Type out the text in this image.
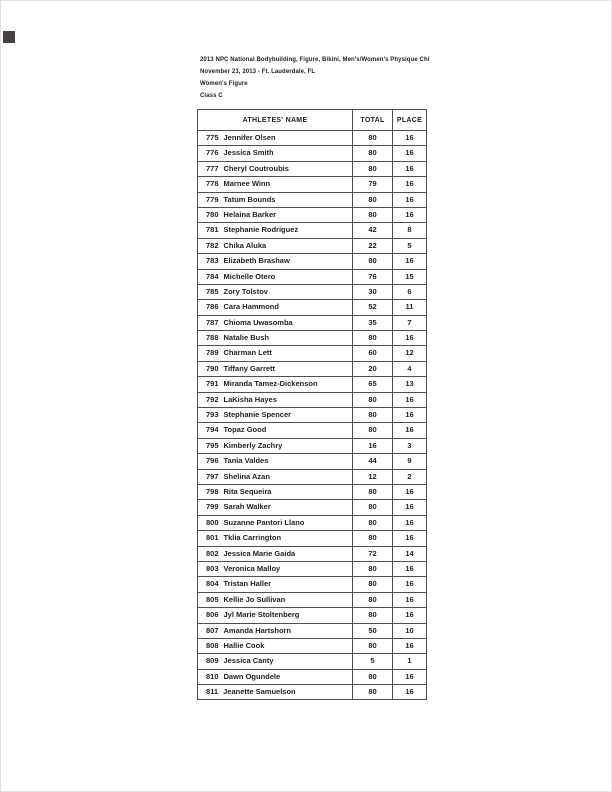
2013 NPC National Bodybuilding, Figure, Bikini, Men's/Women's Physique Chi
November 23, 2013 - Ft. Lauderdale, FL
Women's Figure
Class C
ATHLETES' NAME	TOTAL	PLACE
775 Jennifer Olsen	80	16
776 Jessica Smith	80	16
777 Cheryl Coutroubis	80	16
778 Marnee Winn	79	16
779 Tatum Bounds	80	16
780 Helaina Barker	80	16
781 Stephanie Rodriguez	42	8
782 Chika Aluka	22	5
783 Elizabeth Brashaw	80	16
784 Michelle Otero	76	15
785 Zory Tolstov	30	6
786 Cara Hammond	52	11
787 Chioma Uwasomba	35	7
788 Natalie Bush	80	16
789 Charman Lett	60	12
790 Tiffany Garrett	20	4
791 Miranda Tamez-Dickenson	65	13
792 LaKisha Hayes	80	16
793 Stephanie Spencer	80	16
794 Topaz Good	80	16
795 Kimberly Zachry	16	3
796 Tania Valdes	44	9
797 Shelina Azan	12	2
798 Rita Sequeira	80	16
799 Sarah Walker	80	16
800 Suzanne Pantori Llano	80	16
801 Tklia Carrington	80	16
802 Jessica Marie Gaida	72	14
803 Veronica Malloy	80	16
804 Tristan Haller	80	16
805 Kellie Jo Sullivan	80	16
806 Jyl Marie Stoltenberg	80	16
807 Amanda Hartshorn	50	10
808 Hallie Cook	80	16
809 Jessica Canty	5	1
810 Dawn Ogundele	80	16
811 Jeanette Samuelson	80	16
